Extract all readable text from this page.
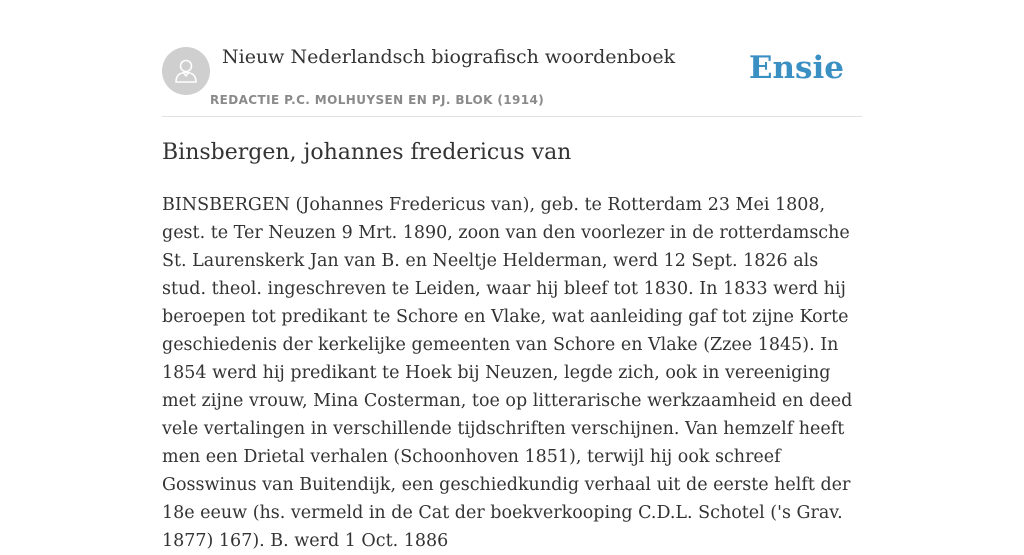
Nieuw Nederlandsch biografisch woordenboek
REDACTIE P.C. MOLHUYSEN EN PJ. BLOK (1914)
Ensie
Binsbergen, johannes fredericus van

BINSBERGEN (Johannes Fredericus van), geb. te Rotterdam 23 Mei 1808, gest. te Ter Neuzen 9 Mrt. 1890, zoon van den voorlezer in de rotterdamsche St. Laurenskerk Jan van B. en Neeltje Helderman, werd 12 Sept. 1826 als stud. theol. ingeschreven te Leiden, waar hij bleef tot 1830. In 1833 werd hij beroepen tot predikant te Schore en Vlake, wat aanleiding gaf tot zijne Korte geschiedenis der kerkelijke gemeenten van Schore en Vlake (Zzee 1845). In 1854 werd hij predikant te Hoek bij Neuzen, legde zich, ook in vereeniging met zijne vrouw, Mina Costerman, toe op litterarische werkzaamheid en deed vele vertalingen in verschillende tijdschriften verschijnen. Van hemzelf heeft men een Drietal verhalen (Schoonhoven 1851), terwijl hij ook schreef Gosswinus van Buitendijk, een geschiedkundig verhaal uit de eerste helft der 18e eeuw (hs. vermeld in de Cat der boekverkooping C.D.L. Schotel ('s Grav. 1877) 167). B. werd 1 Oct. 1886
